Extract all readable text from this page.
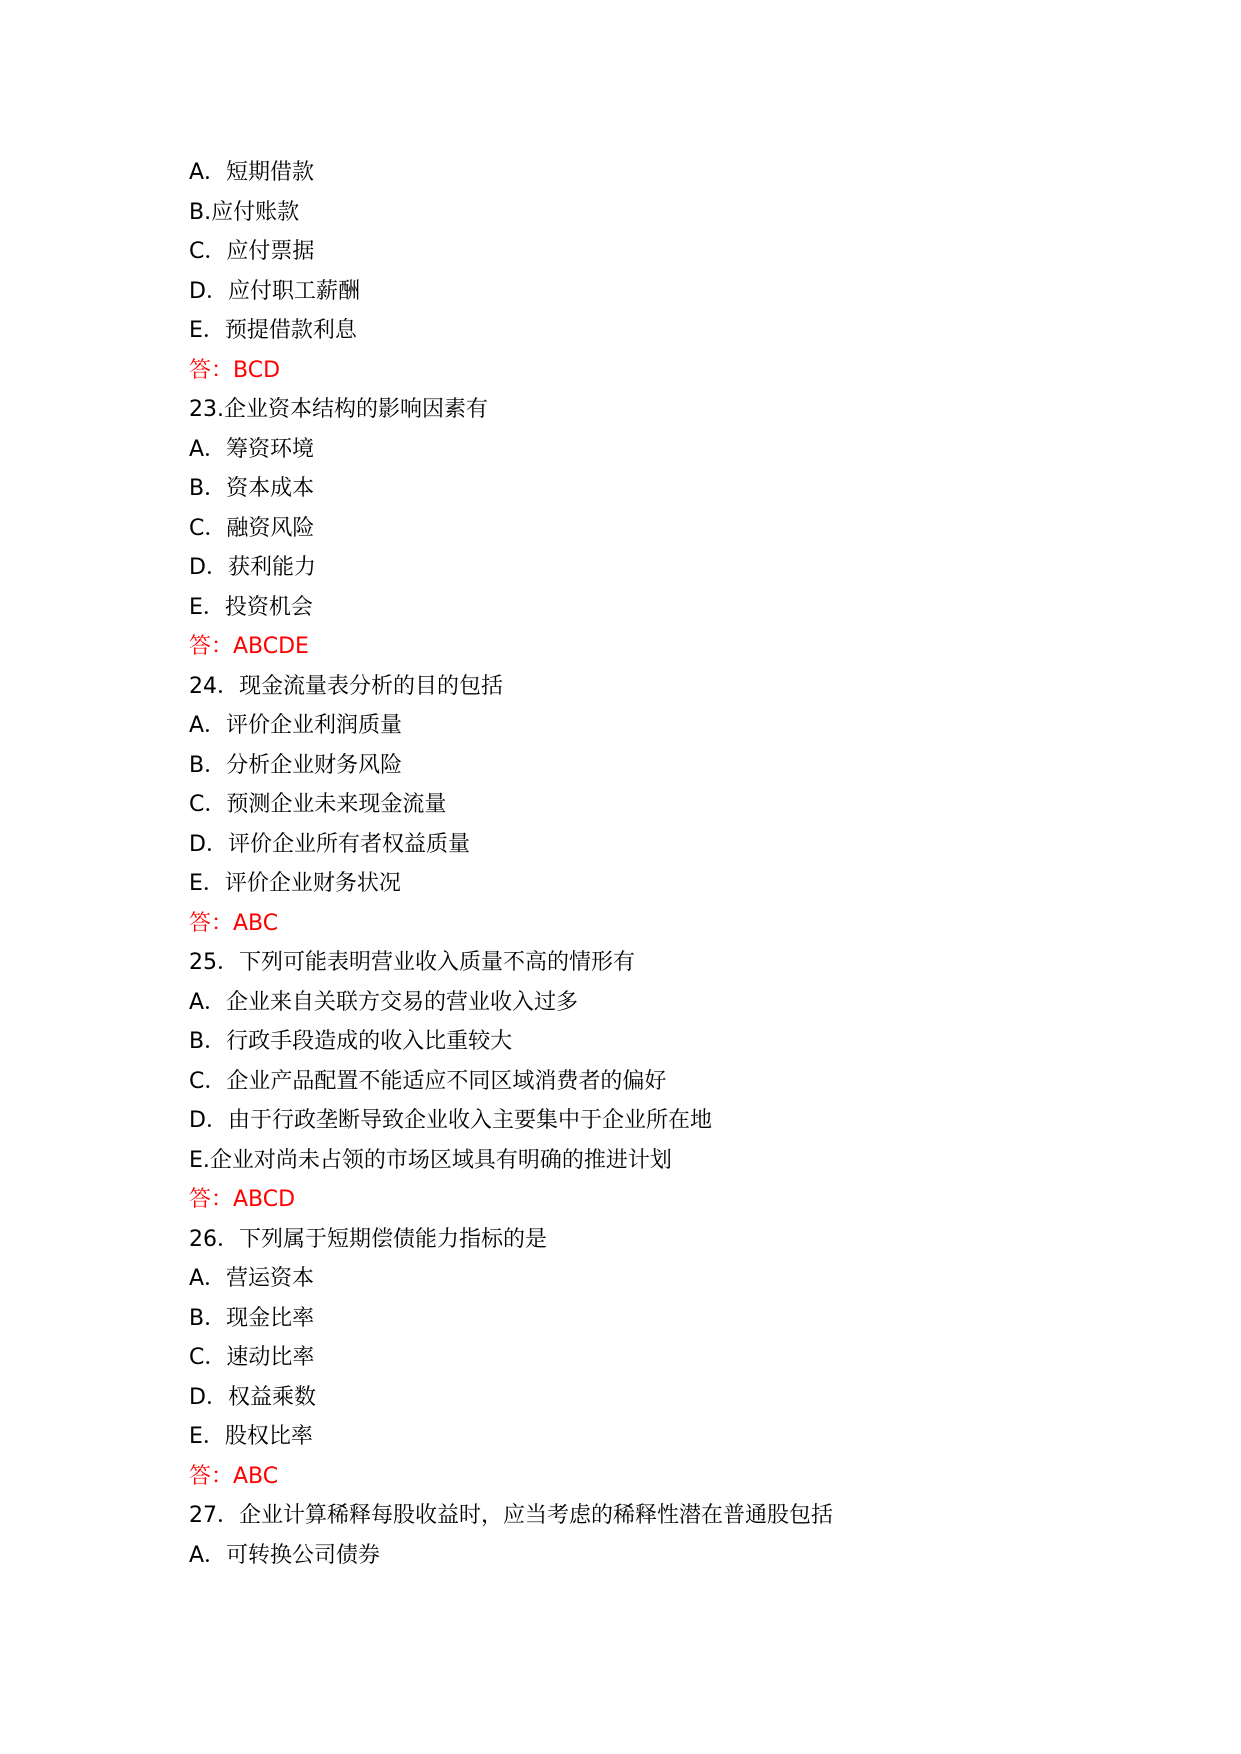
A．短期借款
B.应付账款
C．应付票据
D．应付职工薪酬
E．预提借款利息
答：BCD
23.企业资本结构的影响因素有
A．筹资环境
B．资本成本
C．融资风险
D．获利能力
E．投资机会
答：ABCDE
24．现金流量表分析的目的包括
A．评价企业利润质量
B．分析企业财务风险
C．预测企业未来现金流量
D．评价企业所有者权益质量
E．评价企业财务状况
答：ABC
25．下列可能表明营业收入质量不高的情形有
A．企业来自关联方交易的营业收入过多
B．行政手段造成的收入比重较大
C．企业产品配置不能适应不同区域消费者的偏好
D．由于行政垄断导致企业收入主要集中于企业所在地
E.企业对尚未占领的市场区域具有明确的推进计划
答：ABCD
26．下列属于短期偿债能力指标的是
A．营运资本
B．现金比率
C．速动比率
D．权益乘数
E．股权比率
答：ABC
27．企业计算稀释每股收益时，应当考虑的稀释性潜在普通股包括
A．可转换公司债券
